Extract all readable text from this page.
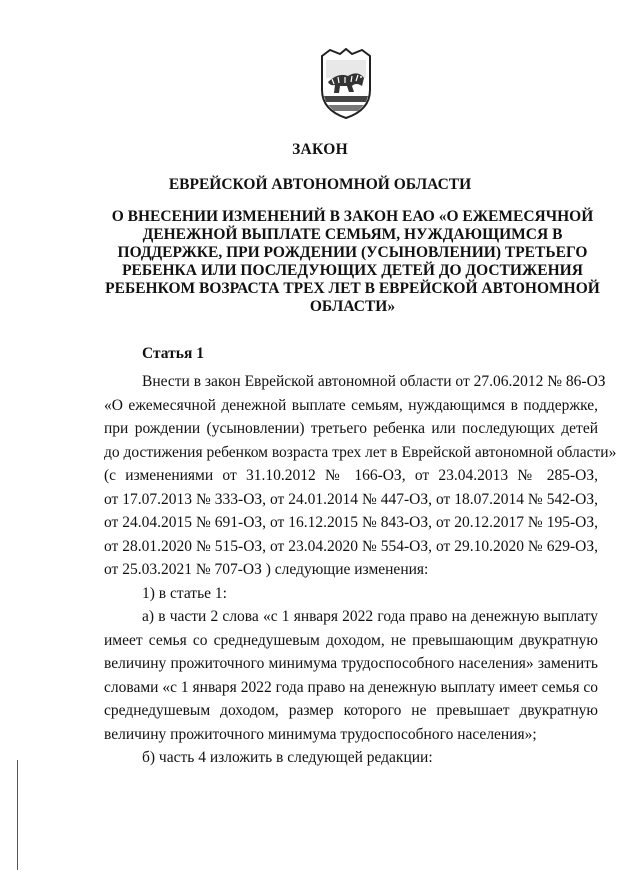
ЗАКОН
ЕВРЕЙСКОЙ АВТОНОМНОЙ ОБЛАСТИ
О ВНЕСЕНИИ ИЗМЕНЕНИЙ В ЗАКОН ЕАО «О ЕЖЕМЕСЯЧНОЙ
ДЕНЕЖНОЙ ВЫПЛАТЕ СЕМЬЯМ, НУЖДАЮЩИМСЯ В
ПОДДЕРЖКЕ, ПРИ РОЖДЕНИИ (УСЫНОВЛЕНИИ) ТРЕТЬЕГО
РЕБЕНКА ИЛИ ПОСЛЕДУЮЩИХ ДЕТЕЙ ДО ДОСТИЖЕНИЯ
РЕБЕНКОМ ВОЗРАСТА ТРЕХ ЛЕТ В ЕВРЕЙСКОЙ АВТОНОМНОЙ
ОБЛАСТИ»
Статья 1
Внести в закон Еврейской автономной области от 27.06.2012 № 86-ОЗ
«О ежемесячной денежной выплате семьям, нуждающимся в поддержке,
при рождении (усыновлении) третьего ребенка или последующих детей
до достижения ребенком возраста трех лет в Еврейской автономной области»
(с изменениями от 31.10.2012 № 166-ОЗ, от 23.04.2013 № 285-ОЗ,
от 17.07.2013 № 333-ОЗ, от 24.01.2014 № 447-ОЗ, от 18.07.2014 № 542-ОЗ,
от 24.04.2015 № 691-ОЗ, от 16.12.2015 № 843-ОЗ, от 20.12.2017 № 195-ОЗ,
от 28.01.2020 № 515-ОЗ, от 23.04.2020 № 554-ОЗ, от 29.10.2020 № 629-ОЗ,
от 25.03.2021 № 707-ОЗ ) следующие изменения:
1) в статье 1:
а) в части 2 слова «с 1 января 2022 года право на денежную выплату
имеет семья со среднедушевым доходом, не превышающим двукратную
величину прожиточного минимума трудоспособного населения» заменить
словами «с 1 января 2022 года право на денежную выплату имеет семья со
среднедушевым доходом, размер которого не превышает двукратную
величину прожиточного минимума трудоспособного населения»;
б) часть 4 изложить в следующей редакции:
